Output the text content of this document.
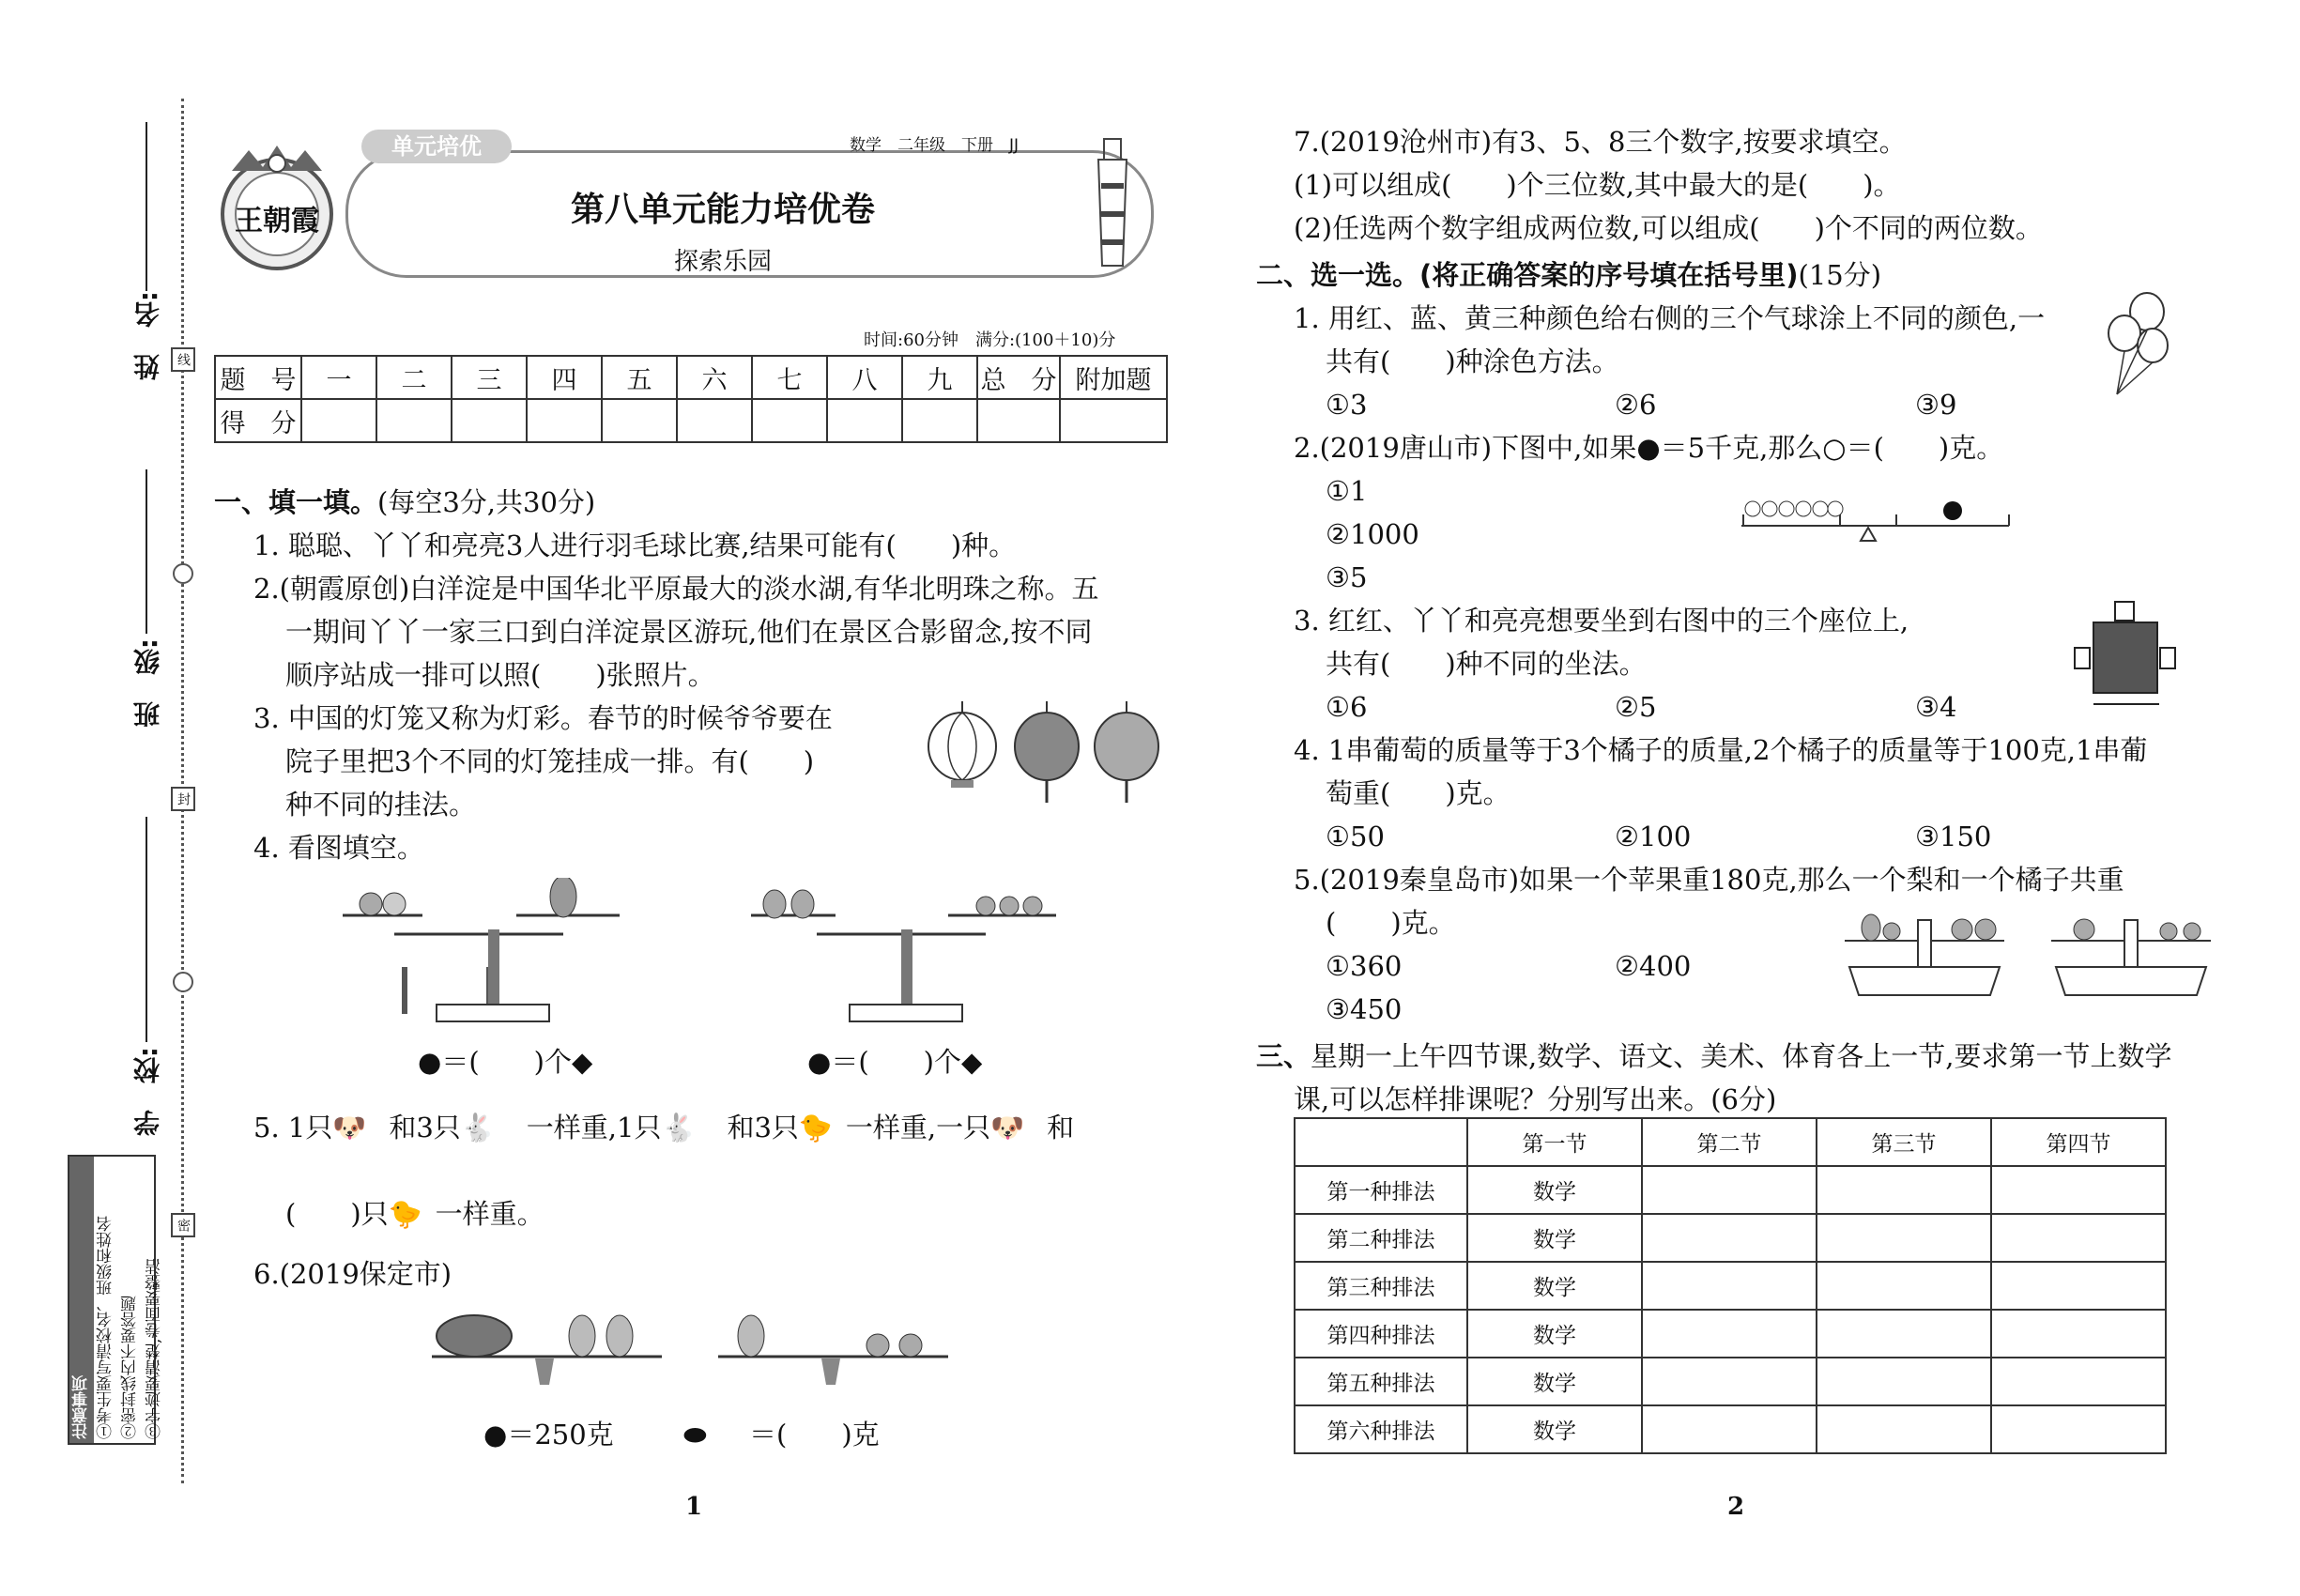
线
封
密
姓　名:
班　级:
学　校:
注意事项 ①考生要写清校名、班级和姓名 ②密封线内不要答题 ③字迹要清楚,卷面要整洁
王朝霞
单元培优	数学　二年级　下册　JJ
第八单元能力培优卷
探索乐园
时间:60分钟　满分:(100＋10)分
题　号	一	二	三	四	五	六	七	八	九	总　分	附加题
得　分											
一、填一填。(每空3分,共30分)
1. 聪聪、丫丫和亮亮3人进行羽毛球比赛,结果可能有(　　)种。
2.(朝霞原创)白洋淀是中国华北平原最大的淡水湖,有华北明珠之称。五
一期间丫丫一家三口到白洋淀景区游玩,他们在景区合影留念,按不同
顺序站成一排可以照(　　)张照片。
3. 中国的灯笼又称为灯彩。春节的时候爷爷要在
院子里把3个不同的灯笼挂成一排。有(　　)
种不同的挂法。
4. 看图填空。
●＝(　　)个◆	●＝(　　)个◆
5. 1只🐶 和3只🐇 一样重,1只🐇 和3只🐤 一样重,一只🐶 和
(　　)只🐤 一样重。
6.(2019保定市)
●＝250克	⬬ ＝(　　)克
1
7.(2019沧州市)有3、5、8三个数字,按要求填空。
(1)可以组成(　　)个三位数,其中最大的是(　　)。
(2)任选两个数字组成两位数,可以组成(　　)个不同的两位数。
二、选一选。(将正确答案的序号填在括号里)(15分)
1. 用红、蓝、黄三种颜色给右侧的三个气球涂上不同的颜色,一
共有(　　)种涂色方法。
①3	②6	③9
2.(2019唐山市)下图中,如果●＝5千克,那么○＝(　　)克。
①1
②1000
③5
3. 红红、丫丫和亮亮想要坐到右图中的三个座位上,
共有(　　)种不同的坐法。
①6	②5	③4
4. 1串葡萄的质量等于3个橘子的质量,2个橘子的质量等于100克,1串葡
萄重(　　)克。
①50	②100	③150
5.(2019秦皇岛市)如果一个苹果重180克,那么一个梨和一个橘子共重
(　　)克。
①360	②400
③450
三、星期一上午四节课,数学、语文、美术、体育各上一节,要求第一节上数学
课,可以怎样排课呢？分别写出来。(6分)
	第一节	第二节	第三节	第四节
第一种排法	数学			
第二种排法	数学			
第三种排法	数学			
第四种排法	数学			
第五种排法	数学			
第六种排法	数学			
2
